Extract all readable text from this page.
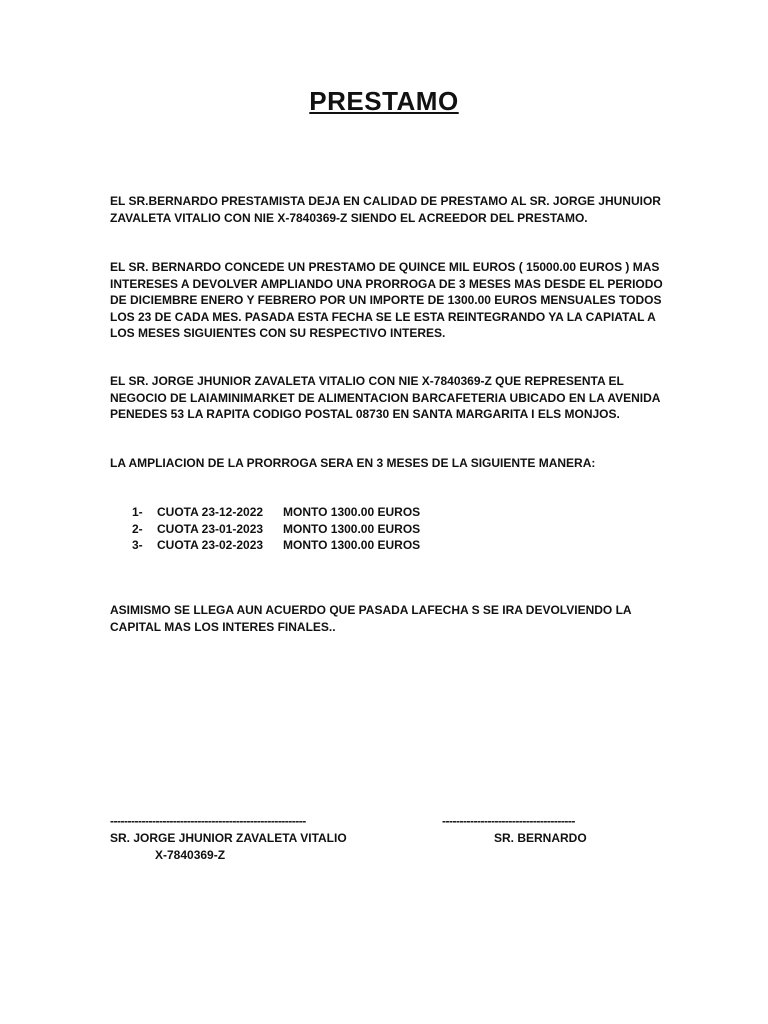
PRESTAMO

EL SR.BERNARDO PRESTAMISTA DEJA EN CALIDAD DE PRESTAMO AL SR. JORGE JHUNUIOR ZAVALETA VITALIO CON NIE X-7840369-Z SIENDO EL ACREEDOR DEL PRESTAMO.

EL SR. BERNARDO CONCEDE UN PRESTAMO DE QUINCE MIL EUROS ( 15000.00 EUROS ) MAS INTERESES A DEVOLVER AMPLIANDO UNA PRORROGA DE 3 MESES MAS DESDE EL PERIODO DE DICIEMBRE ENERO Y FEBRERO POR UN IMPORTE DE 1300.00 EUROS MENSUALES TODOS LOS 23 DE CADA MES. PASADA ESTA FECHA SE LE ESTA REINTEGRANDO YA LA CAPIATAL A LOS MESES SIGUIENTES CON SU RESPECTIVO INTERES.

EL SR. JORGE JHUNIOR ZAVALETA VITALIO CON NIE X-7840369-Z QUE REPRESENTA EL NEGOCIO DE LAIAMINIMARKET DE ALIMENTACION BARCAFETERIA UBICADO EN LA AVENIDA PENEDES 53 LA RAPITA CODIGO POSTAL 08730 EN SANTA MARGARITA I ELS MONJOS.

LA AMPLIACION DE LA PRORROGA SERA EN 3 MESES DE LA SIGUIENTE MANERA:

1-	CUOTA 23-12-2022	MONTO 1300.00 EUROS
2-	CUOTA 23-01-2023	MONTO 1300.00 EUROS
3-	CUOTA 23-02-2023	MONTO 1300.00 EUROS

ASIMISMO SE LLEGA AUN ACUERDO QUE PASADA LAFECHA S SE IRA DEVOLVIENDO LA CAPITAL MAS LOS INTERES FINALES..

--------------------------------------------------------	--------------------------------------
SR. JORGE JHUNIOR ZAVALETA VITALIO	SR. BERNARDO
X-7840369-Z
